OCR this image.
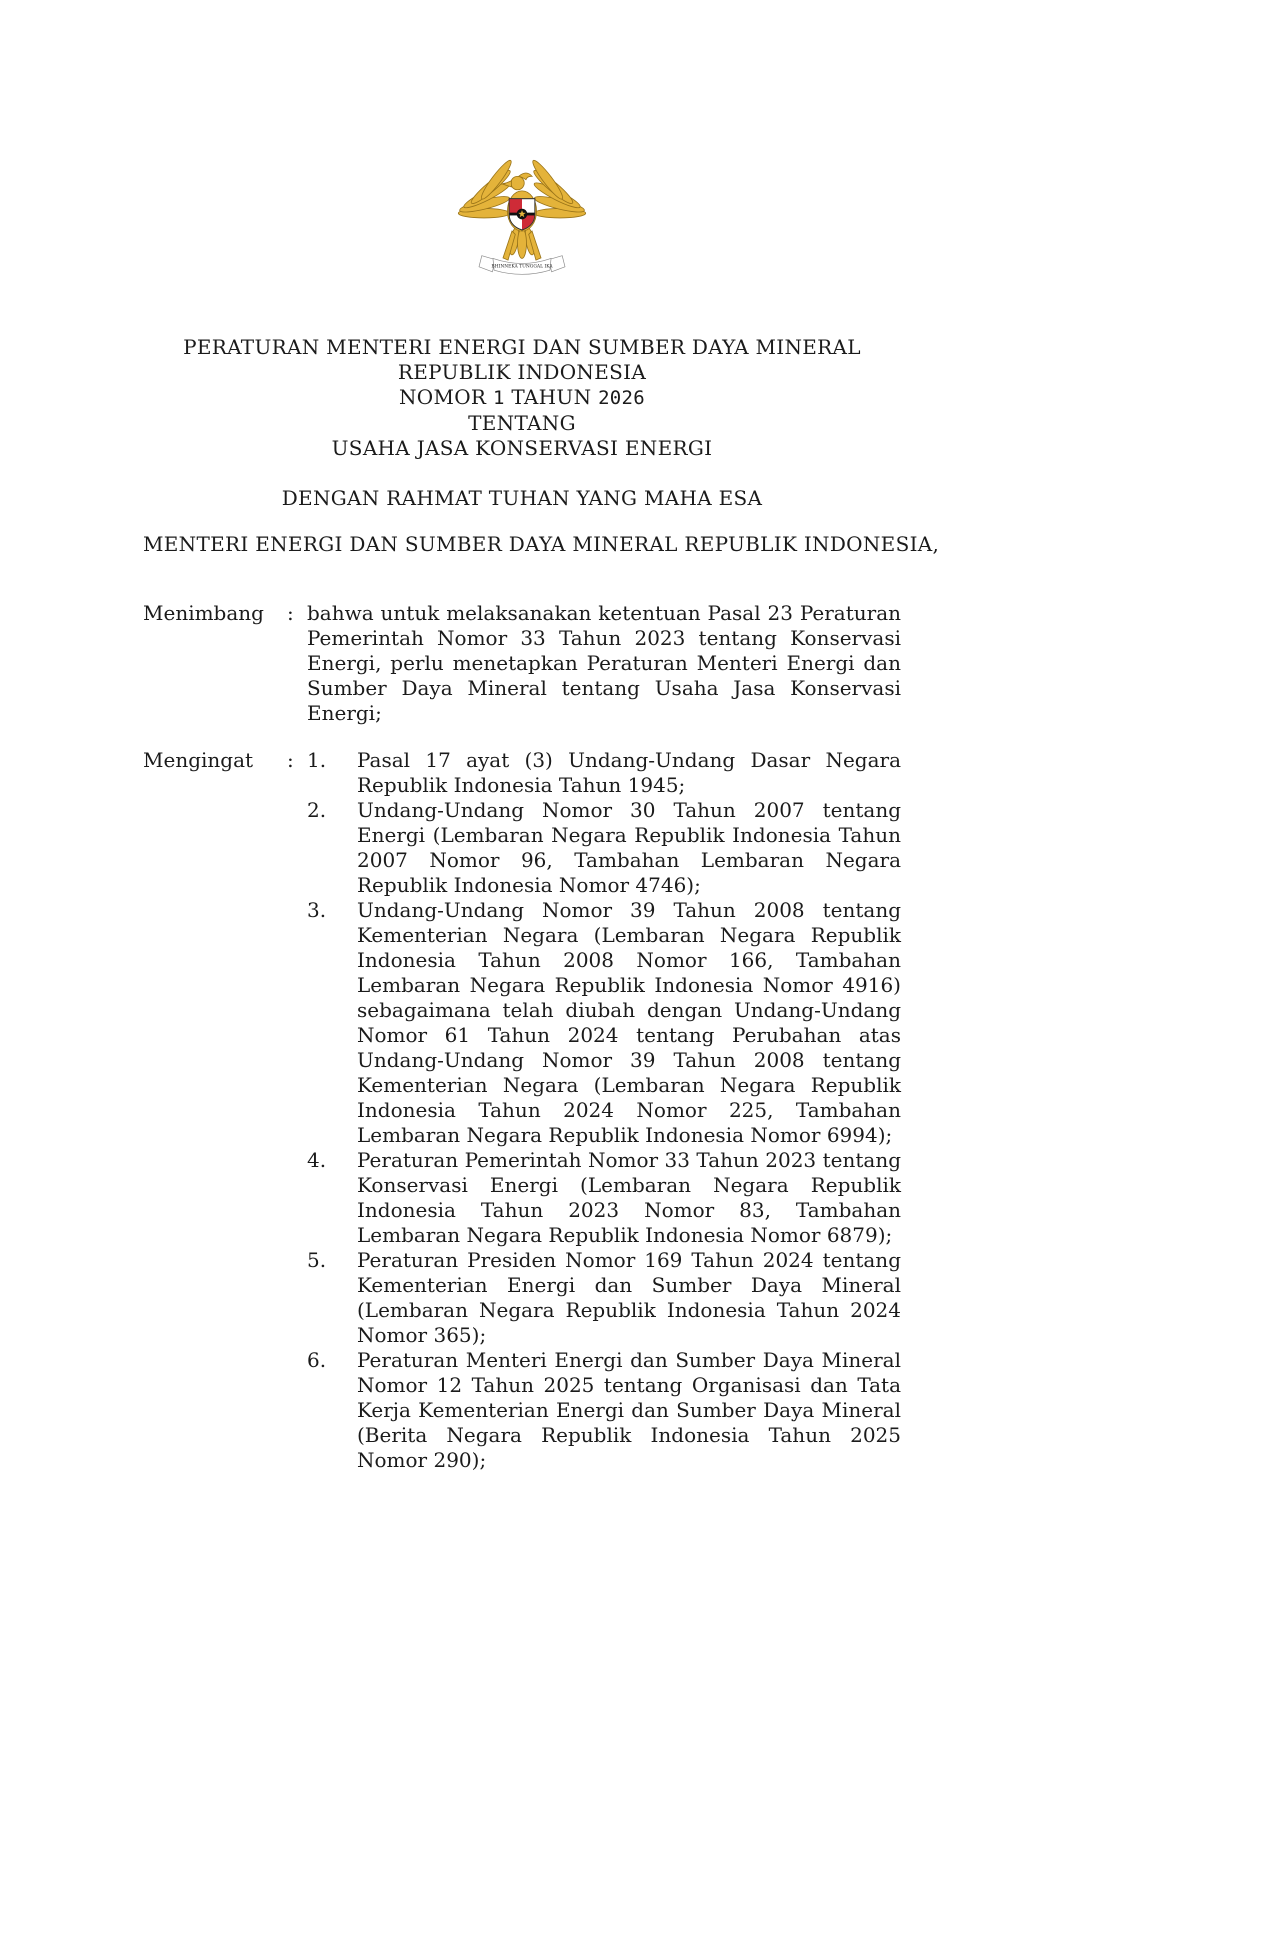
BHINNEKA TUNGGAL IKA
PERATURAN MENTERI ENERGI DAN SUMBER DAYA MINERAL
REPUBLIK INDONESIA
NOMOR 1 TAHUN 2026
TENTANG
USAHA JASA KONSERVASI ENERGI
DENGAN RAHMAT TUHAN YANG MAHA ESA
MENTERI ENERGI DAN SUMBER DAYA MINERAL REPUBLIK INDONESIA,
Menimbang	: bahwa untuk melaksanakan ketentuan Pasal 23 Peraturan Pemerintah Nomor 33 Tahun 2023 tentang Konservasi Energi, perlu menetapkan Peraturan Menteri Energi dan Sumber Daya Mineral tentang Usaha Jasa Konservasi Energi;
Mengingat	: 1.	Pasal 17 ayat (3) Undang-Undang Dasar Negara Republik Indonesia Tahun 1945;
2.	Undang-Undang Nomor 30 Tahun 2007 tentang Energi (Lembaran Negara Republik Indonesia Tahun 2007 Nomor 96, Tambahan Lembaran Negara Republik Indonesia Nomor 4746);
3.	Undang-Undang Nomor 39 Tahun 2008 tentang Kementerian Negara (Lembaran Negara Republik Indonesia Tahun 2008 Nomor 166, Tambahan Lembaran Negara Republik Indonesia Nomor 4916) sebagaimana telah diubah dengan Undang-Undang Nomor 61 Tahun 2024 tentang Perubahan atas Undang-Undang Nomor 39 Tahun 2008 tentang Kementerian Negara (Lembaran Negara Republik Indonesia Tahun 2024 Nomor 225, Tambahan Lembaran Negara Republik Indonesia Nomor 6994);
4.	Peraturan Pemerintah Nomor 33 Tahun 2023 tentang Konservasi Energi (Lembaran Negara Republik Indonesia Tahun 2023 Nomor 83, Tambahan Lembaran Negara Republik Indonesia Nomor 6879);
5.	Peraturan Presiden Nomor 169 Tahun 2024 tentang Kementerian Energi dan Sumber Daya Mineral (Lembaran Negara Republik Indonesia Tahun 2024 Nomor 365);
6.	Peraturan Menteri Energi dan Sumber Daya Mineral Nomor 12 Tahun 2025 tentang Organisasi dan Tata Kerja Kementerian Energi dan Sumber Daya Mineral (Berita Negara Republik Indonesia Tahun 2025 Nomor 290);
